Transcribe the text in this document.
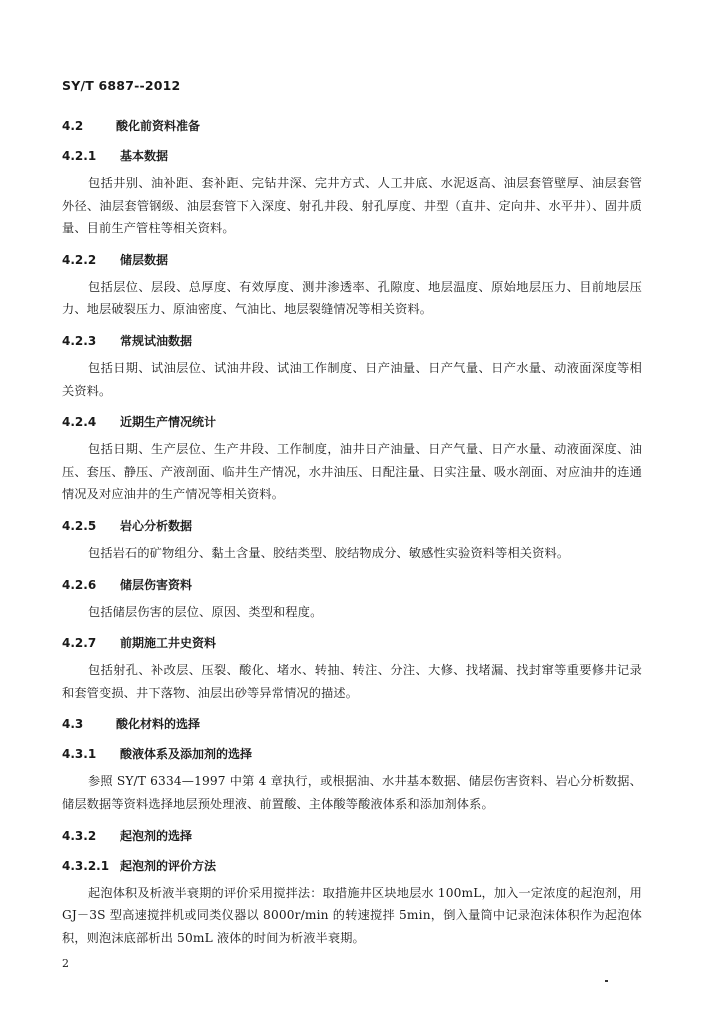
SY/T 6887--2012
4.2	酸化前资料准备
4.2.1 基本数据

包括井别、油补距、套补距、完钻井深、完井方式、人工井底、水泥返高、油层套管壁厚、油层套管外径、油层套管钢级、油层套管下入深度、射孔井段、射孔厚度、井型（直井、定向井、水平井）、固井质量、目前生产管柱等相关资料。

4.2.2 储层数据

包括层位、层段、总厚度、有效厚度、测井渗透率、孔隙度、地层温度、原始地层压力、目前地层压力、地层破裂压力、原油密度、气油比、地层裂缝情况等相关资料。

4.2.3 常规试油数据

包括日期、试油层位、试油井段、试油工作制度、日产油量、日产气量、日产水量、动液面深度等相关资料。

4.2.4 近期生产情况统计

包括日期、生产层位、生产井段、工作制度，油井日产油量、日产气量、日产水量、动液面深度、油压、套压、静压、产液剖面、临井生产情况，水井油压、日配注量、日实注量、吸水剖面、对应油井的连通情况及对应油井的生产情况等相关资料。

4.2.5 岩心分析数据

包括岩石的矿物组分、黏土含量、胶结类型、胶结物成分、敏感性实验资料等相关资料。

4.2.6 储层伤害资料

包括储层伤害的层位、原因、类型和程度。

4.2.7 前期施工井史资料

包括射孔、补改层、压裂、酸化、堵水、转抽、转注、分注、大修、找堵漏、找封窜等重要修井记录和套管变损、井下落物、油层出砂等异常情况的描述。

4.3	酸化材料的选择
4.3.1 酸液体系及添加剂的选择

参照 SY/T 6334—1997 中第 4 章执行，或根据油、水井基本数据、储层伤害资料、岩心分析数据、储层数据等资料选择地层预处理液、前置酸、主体酸等酸液体系和添加剂体系。

4.3.2 起泡剂的选择
4.3.2.1 起泡剂的评价方法

起泡体积及析液半衰期的评价采用搅拌法：取措施井区块地层水 100mL，加入一定浓度的起泡剂，用 GJ－3S 型高速搅拌机或同类仪器以 8000r/min 的转速搅拌 5min，倒入量筒中记录泡沫体积作为起泡体积，则泡沫底部析出 50mL 液体的时间为析液半衰期。

2
